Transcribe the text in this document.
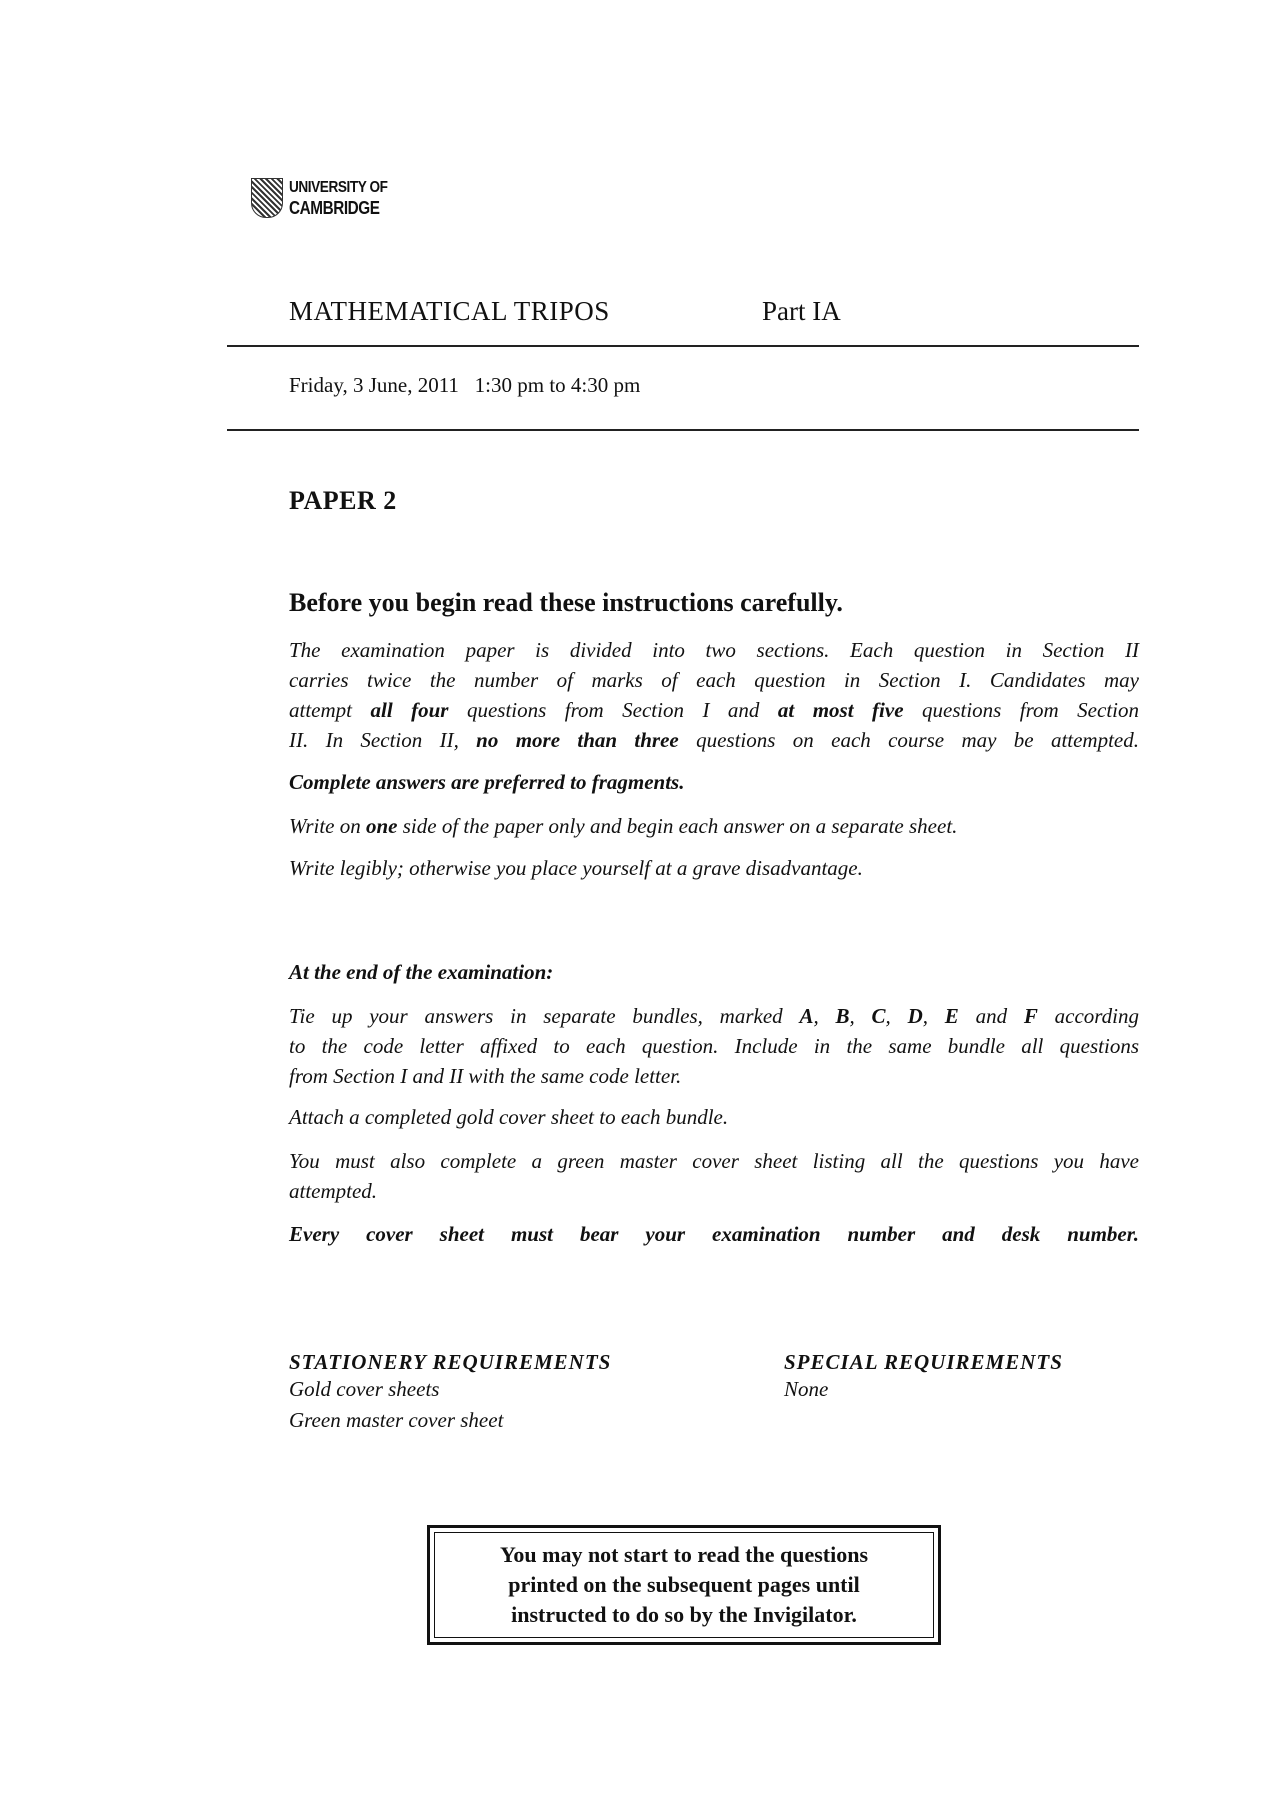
UNIVERSITY OF
CAMBRIDGE
MATHEMATICAL TRIPOS	Part IA
Friday, 3 June, 2011   1:30 pm to 4:30 pm
PAPER 2
Before you begin read these instructions carefully.
The examination paper is divided into two sections. Each question in Section II
carries twice the number of marks of each question in Section I. Candidates may
attempt all four questions from Section I and at most five questions from Section
II. In Section II, no more than three questions on each course may be attempted.
Complete answers are preferred to fragments.
Write on one side of the paper only and begin each answer on a separate sheet.
Write legibly; otherwise you place yourself at a grave disadvantage.
At the end of the examination:
Tie up your answers in separate bundles, marked A, B, C, D, E and F according
to the code letter affixed to each question. Include in the same bundle all questions
from Section I and II with the same code letter.
Attach a completed gold cover sheet to each bundle.
You must also complete a green master cover sheet listing all the questions you have
attempted.
Every cover sheet must bear your examination number and desk number.
STATIONERY REQUIREMENTS
Gold cover sheets
Green master cover sheet
SPECIAL REQUIREMENTS
None
You may not start to read the questions
printed on the subsequent pages until
instructed to do so by the Invigilator.
